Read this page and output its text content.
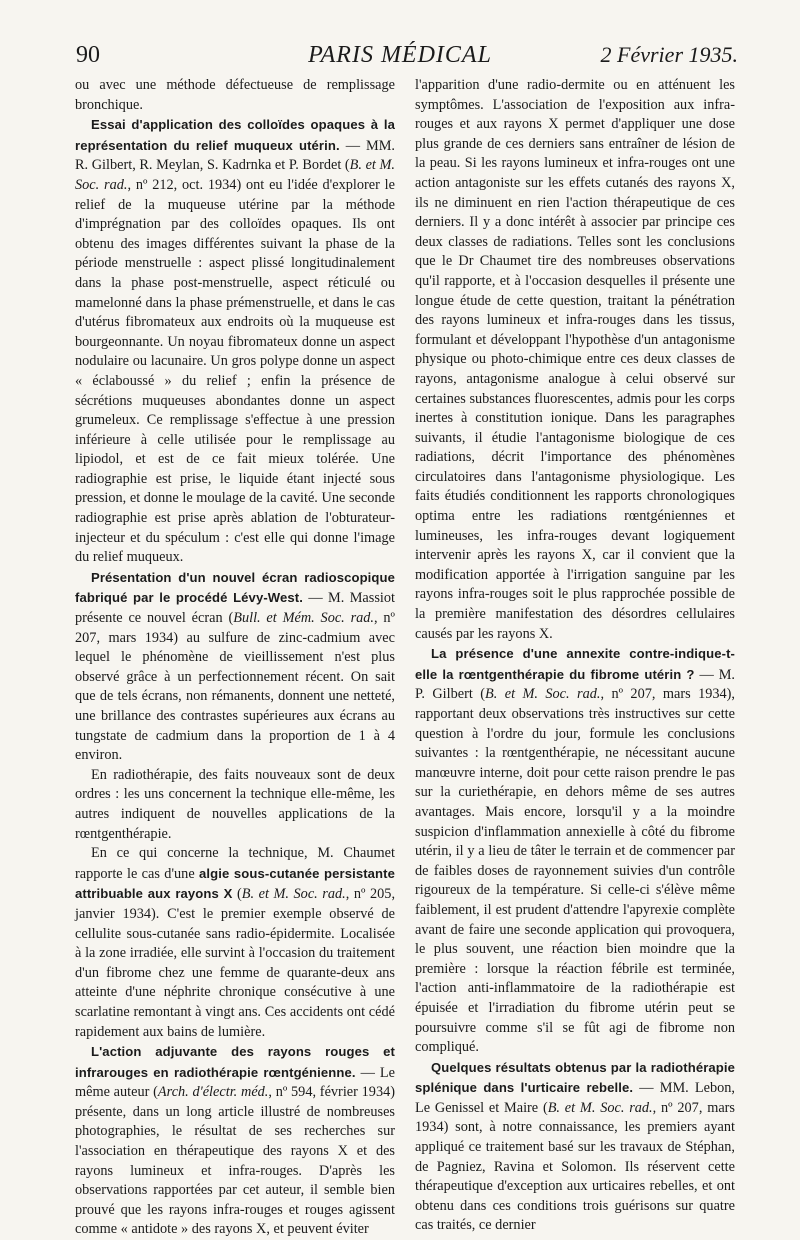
90	PARIS MÉDICAL	2 Février 1935.

ou avec une méthode défectueuse de remplissage bronchique.

Essai d'application des colloïdes opaques à la représentation du relief muqueux utérin. — MM. R. Gilbert, R. Meylan, S. Kadrnka et P. Bordet (B. et M. Soc. rad., nº 212, oct. 1934) ont eu l'idée d'explorer le relief de la muqueuse utérine par la méthode d'imprégnation par des colloïdes opaques. Ils ont obtenu des images différentes suivant la phase de la période menstruelle : aspect plissé longitudinalement dans la phase post-menstruelle, aspect réticulé ou mamelonné dans la phase prémenstruelle, et dans le cas d'utérus fibromateux aux endroits où la muqueuse est bourgeonnante. Un noyau fibromateux donne un aspect nodulaire ou lacunaire. Un gros polype donne un aspect « éclaboussé » du relief ; enfin la présence de sécrétions muqueuses abondantes donne un aspect grumeleux. Ce remplissage s'effectue à une pression inférieure à celle utilisée pour le remplissage au lipiodol, et est de ce fait mieux tolérée. Une radiographie est prise, le liquide étant injecté sous pression, et donne le moulage de la cavité. Une seconde radiographie est prise après ablation de l'obturateur-injecteur et du spéculum : c'est elle qui donne l'image du relief muqueux.

Présentation d'un nouvel écran radioscopique fabriqué par le procédé Lévy-West. — M. Massiot présente ce nouvel écran (Bull. et Mém. Soc. rad., nº 207, mars 1934) au sulfure de zinc-cadmium avec lequel le phénomène de vieillissement n'est plus observé grâce à un perfectionnement récent. On sait que de tels écrans, non rémanents, donnent une netteté, une brillance des contrastes supérieures aux écrans au tungstate de cadmium dans la proportion de 1 à 4 environ.

En radiothérapie, des faits nouveaux sont de deux ordres : les uns concernent la technique elle-même, les autres indiquent de nouvelles applications de la rœntgenthérapie.

En ce qui concerne la technique, M. Chaumet rapporte le cas d'une algie sous-cutanée persistante attribuable aux rayons X (B. et M. Soc. rad., nº 205, janvier 1934). C'est le premier exemple observé de cellulite sous-cutanée sans radio-épidermite. Localisée à la zone irradiée, elle survint à l'occasion du traitement d'un fibrome chez une femme de quarante-deux ans atteinte d'une néphrite chronique consécutive à une scarlatine remontant à vingt ans. Ces accidents ont cédé rapidement aux bains de lumière.

L'action adjuvante des rayons rouges et infrarouges en radiothérapie rœntgénienne. — Le même auteur (Arch. d'électr. méd., nº 594, février 1934) présente, dans un long article illustré de nombreuses photographies, le résultat de ses recherches sur l'association en thérapeutique des rayons X et des rayons lumineux et infra-rouges. D'après les observations rapportées par cet auteur, il semble bien prouvé que les rayons infra-rouges et rouges agissent comme « antidote » des rayons X, et peuvent éviter

l'apparition d'une radio-dermite ou en atténuent les symptômes. L'association de l'exposition aux infra-rouges et aux rayons X permet d'appliquer une dose plus grande de ces derniers sans entraîner de lésion de la peau. Si les rayons lumineux et infra-rouges ont une action antagoniste sur les effets cutanés des rayons X, ils ne diminuent en rien l'action thérapeutique de ces derniers. Il y a donc intérêt à associer par principe ces deux classes de radiations. Telles sont les conclusions que le Dr Chaumet tire des nombreuses observations qu'il rapporte, et à l'occasion desquelles il présente une longue étude de cette question, traitant la pénétration des rayons lumineux et infra-rouges dans les tissus, formulant et développant l'hypothèse d'un antagonisme physique ou photo-chimique entre ces deux classes de rayons, antagonisme analogue à celui observé sur certaines substances fluorescentes, admis pour les corps inertes à constitution ionique. Dans les paragraphes suivants, il étudie l'antagonisme biologique de ces radiations, décrit l'importance des phénomènes circulatoires dans l'antagonisme physiologique. Les faits étudiés conditionnent les rapports chronologiques optima entre les radiations rœntgéniennes et lumineuses, les infra-rouges devant logiquement intervenir après les rayons X, car il convient que la modification apportée à l'irrigation sanguine par les rayons infra-rouges soit le plus rapprochée possible de la première manifestation des désordres cellulaires causés par les rayons X.

La présence d'une annexite contre-indique-t-elle la rœntgenthérapie du fibrome utérin ? — M. P. Gilbert (B. et M. Soc. rad., nº 207, mars 1934), rapportant deux observations très instructives sur cette question à l'ordre du jour, formule les conclusions suivantes : la rœntgenthérapie, ne nécessitant aucune manœuvre interne, doit pour cette raison prendre le pas sur la curiethérapie, en dehors même de ses autres avantages. Mais encore, lorsqu'il y a la moindre suspicion d'inflammation annexielle à côté du fibrome utérin, il y a lieu de tâter le terrain et de commencer par de faibles doses de rayonnement suivies d'un contrôle rigoureux de la température. Si celle-ci s'élève même faiblement, il est prudent d'attendre l'apyrexie complète avant de faire une seconde application qui provoquera, le plus souvent, une réaction bien moindre que la première : lorsque la réaction fébrile est terminée, l'action anti-inflammatoire de la radiothérapie est épuisée et l'irradiation du fibrome utérin peut se poursuivre comme s'il se fût agi de fibrome non compliqué.

Quelques résultats obtenus par la radiothérapie splénique dans l'urticaire rebelle. — MM. Lebon, Le Genissel et Maire (B. et M. Soc. rad., nº 207, mars 1934) sont, à notre connaissance, les premiers ayant appliqué ce traitement basé sur les travaux de Stéphan, de Pagniez, Ravina et Solomon. Ils réservent cette thérapeutique d'exception aux urticaires rebelles, et ont obtenu dans ces conditions trois guérisons sur quatre cas traités, ce dernier
